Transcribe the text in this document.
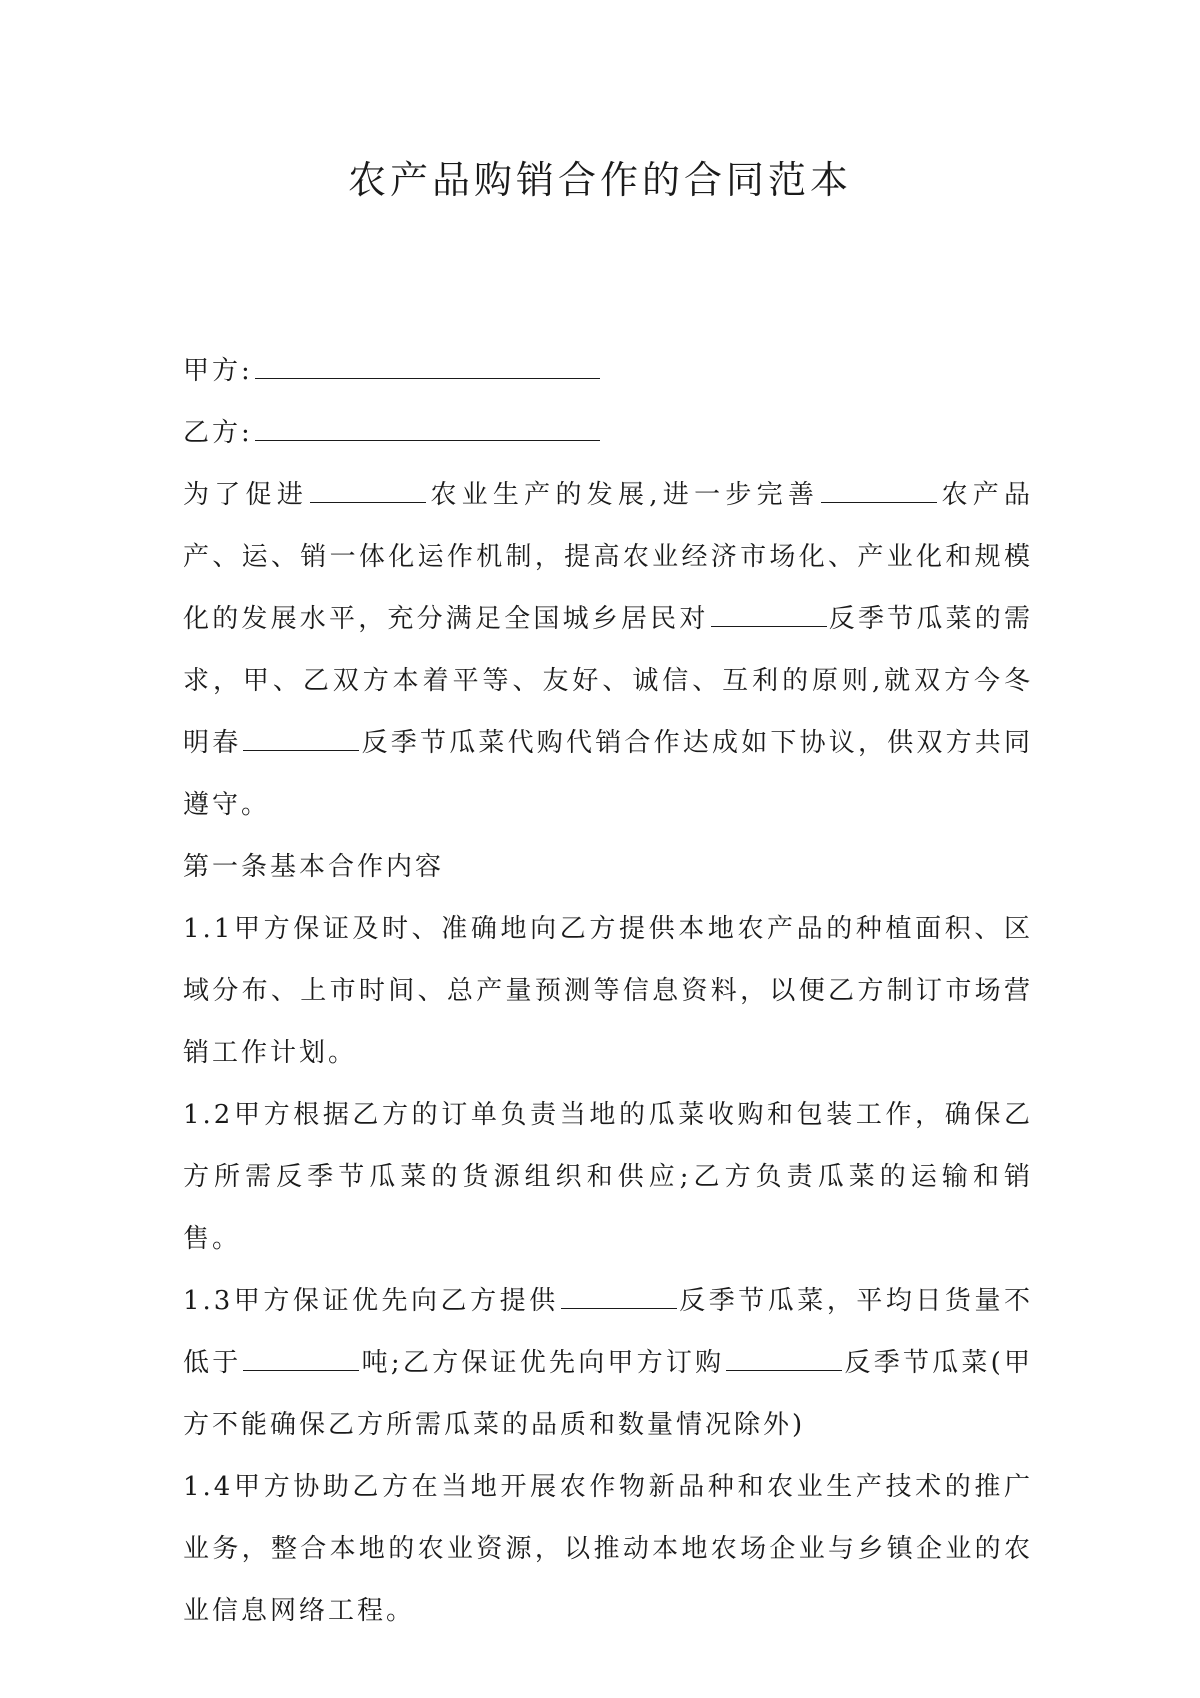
农产品购销合作的合同范本

甲方:

乙方:

为了促进	农业生产的发展,进一步完善	农产品产、运、销一体化运作机制，提高农业经济市场化、产业化和规模化的发展水平，充分满足全国城乡居民对	反季节瓜菜的需求，甲、乙双方本着平等、友好、诚信、互利的原则,就双方今冬明春	反季节瓜菜代购代销合作达成如下协议，供双方共同遵守。

第一条基本合作内容

1.1甲方保证及时、准确地向乙方提供本地农产品的种植面积、区域分布、上市时间、总产量预测等信息资料，以便乙方制订市场营销工作计划。

1.2甲方根据乙方的订单负责当地的瓜菜收购和包装工作，确保乙方所需反季节瓜菜的货源组织和供应;乙方负责瓜菜的运输和销售。

1.3甲方保证优先向乙方提供	反季节瓜菜，平均日货量不低于	吨;乙方保证优先向甲方订购	反季节瓜菜(甲方不能确保乙方所需瓜菜的品质和数量情况除外)

1.4甲方协助乙方在当地开展农作物新品种和农业生产技术的推广业务，整合本地的农业资源，以推动本地农场企业与乡镇企业的农业信息网络工程。
